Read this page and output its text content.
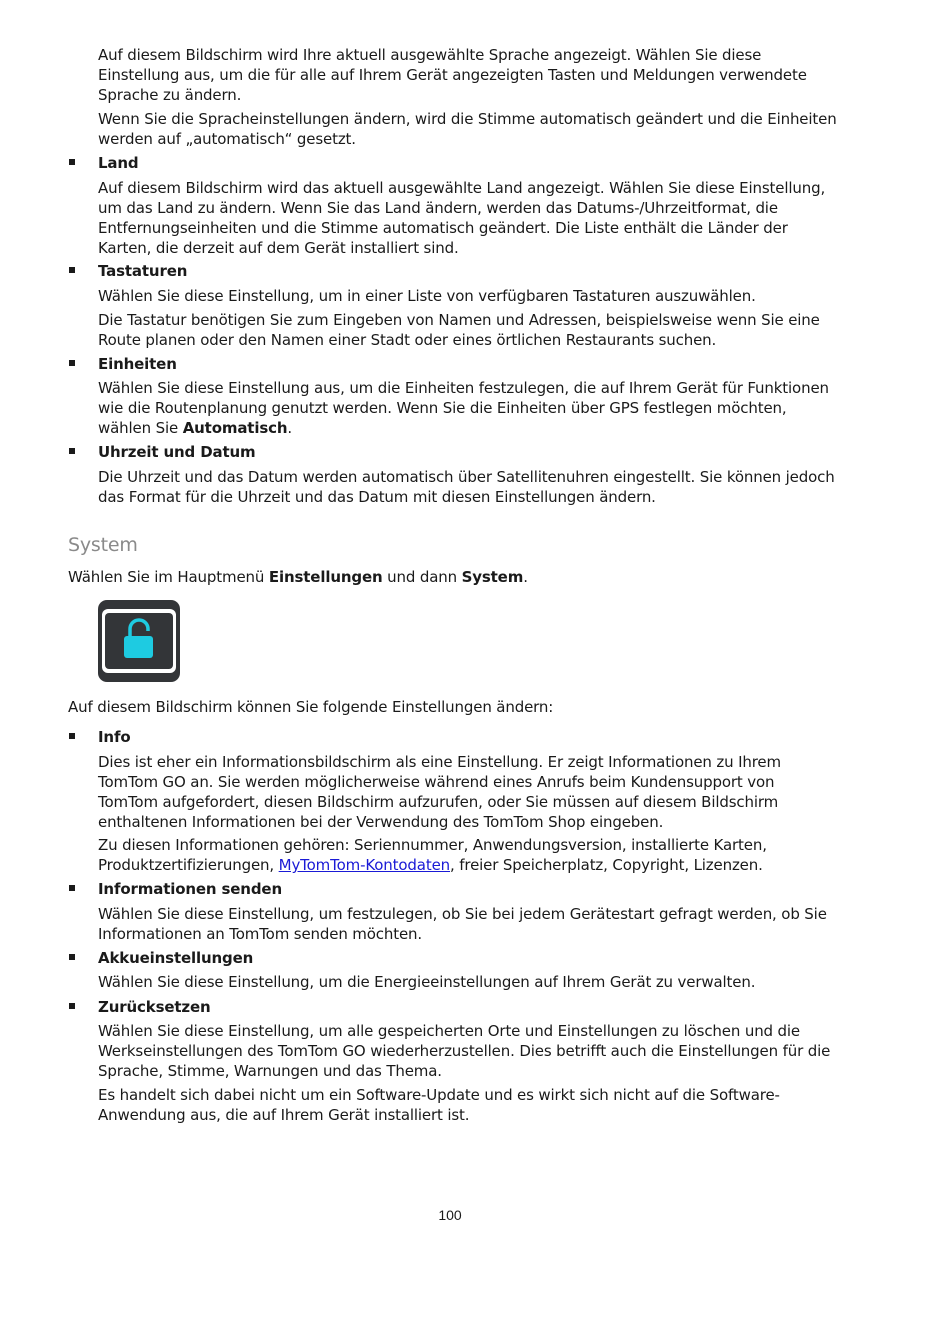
Auf diesem Bildschirm wird Ihre aktuell ausgewählte Sprache angezeigt. Wählen Sie diese Einstellung aus, um die für alle auf Ihrem Gerät angezeigten Tasten und Meldungen verwendete Sprache zu ändern.

Wenn Sie die Spracheinstellungen ändern, wird die Stimme automatisch geändert und die Einheiten werden auf „automatisch“ gesetzt.

Land

Auf diesem Bildschirm wird das aktuell ausgewählte Land angezeigt. Wählen Sie diese Einstellung, um das Land zu ändern. Wenn Sie das Land ändern, werden das Datums-/Uhrzeitformat, die Entfernungseinheiten und die Stimme automatisch geändert. Die Liste enthält die Länder der Karten, die derzeit auf dem Gerät installiert sind.

Tastaturen

Wählen Sie diese Einstellung, um in einer Liste von verfügbaren Tastaturen auszuwählen.

Die Tastatur benötigen Sie zum Eingeben von Namen und Adressen, beispielsweise wenn Sie eine Route planen oder den Namen einer Stadt oder eines örtlichen Restaurants suchen.

Einheiten

Wählen Sie diese Einstellung aus, um die Einheiten festzulegen, die auf Ihrem Gerät für Funktionen wie die Routenplanung genutzt werden. Wenn Sie die Einheiten über GPS festlegen möchten, wählen Sie Automatisch.

Uhrzeit und Datum

Die Uhrzeit und das Datum werden automatisch über Satellitenuhren eingestellt. Sie können jedoch das Format für die Uhrzeit und das Datum mit diesen Einstellungen ändern.

System

Wählen Sie im Hauptmenü Einstellungen und dann System.

Auf diesem Bildschirm können Sie folgende Einstellungen ändern:

Info

Dies ist eher ein Informationsbildschirm als eine Einstellung. Er zeigt Informationen zu Ihrem TomTom GO an. Sie werden möglicherweise während eines Anrufs beim Kundensupport von TomTom aufgefordert, diesen Bildschirm aufzurufen, oder Sie müssen auf diesem Bildschirm enthaltenen Informationen bei der Verwendung des TomTom Shop eingeben.

Zu diesen Informationen gehören: Seriennummer, Anwendungsversion, installierte Karten, Produktzertifizierungen, MyTomTom-Kontodaten, freier Speicherplatz, Copyright, Lizenzen.

Informationen senden

Wählen Sie diese Einstellung, um festzulegen, ob Sie bei jedem Gerätestart gefragt werden, ob Sie Informationen an TomTom senden möchten.

Akkueinstellungen

Wählen Sie diese Einstellung, um die Energieeinstellungen auf Ihrem Gerät zu verwalten.

Zurücksetzen

Wählen Sie diese Einstellung, um alle gespeicherten Orte und Einstellungen zu löschen und die Werkseinstellungen des TomTom GO wiederherzustellen. Dies betrifft auch die Einstellungen für die Sprache, Stimme, Warnungen und das Thema.

Es handelt sich dabei nicht um ein Software-Update und es wirkt sich nicht auf die Software-Anwendung aus, die auf Ihrem Gerät installiert ist.

100
